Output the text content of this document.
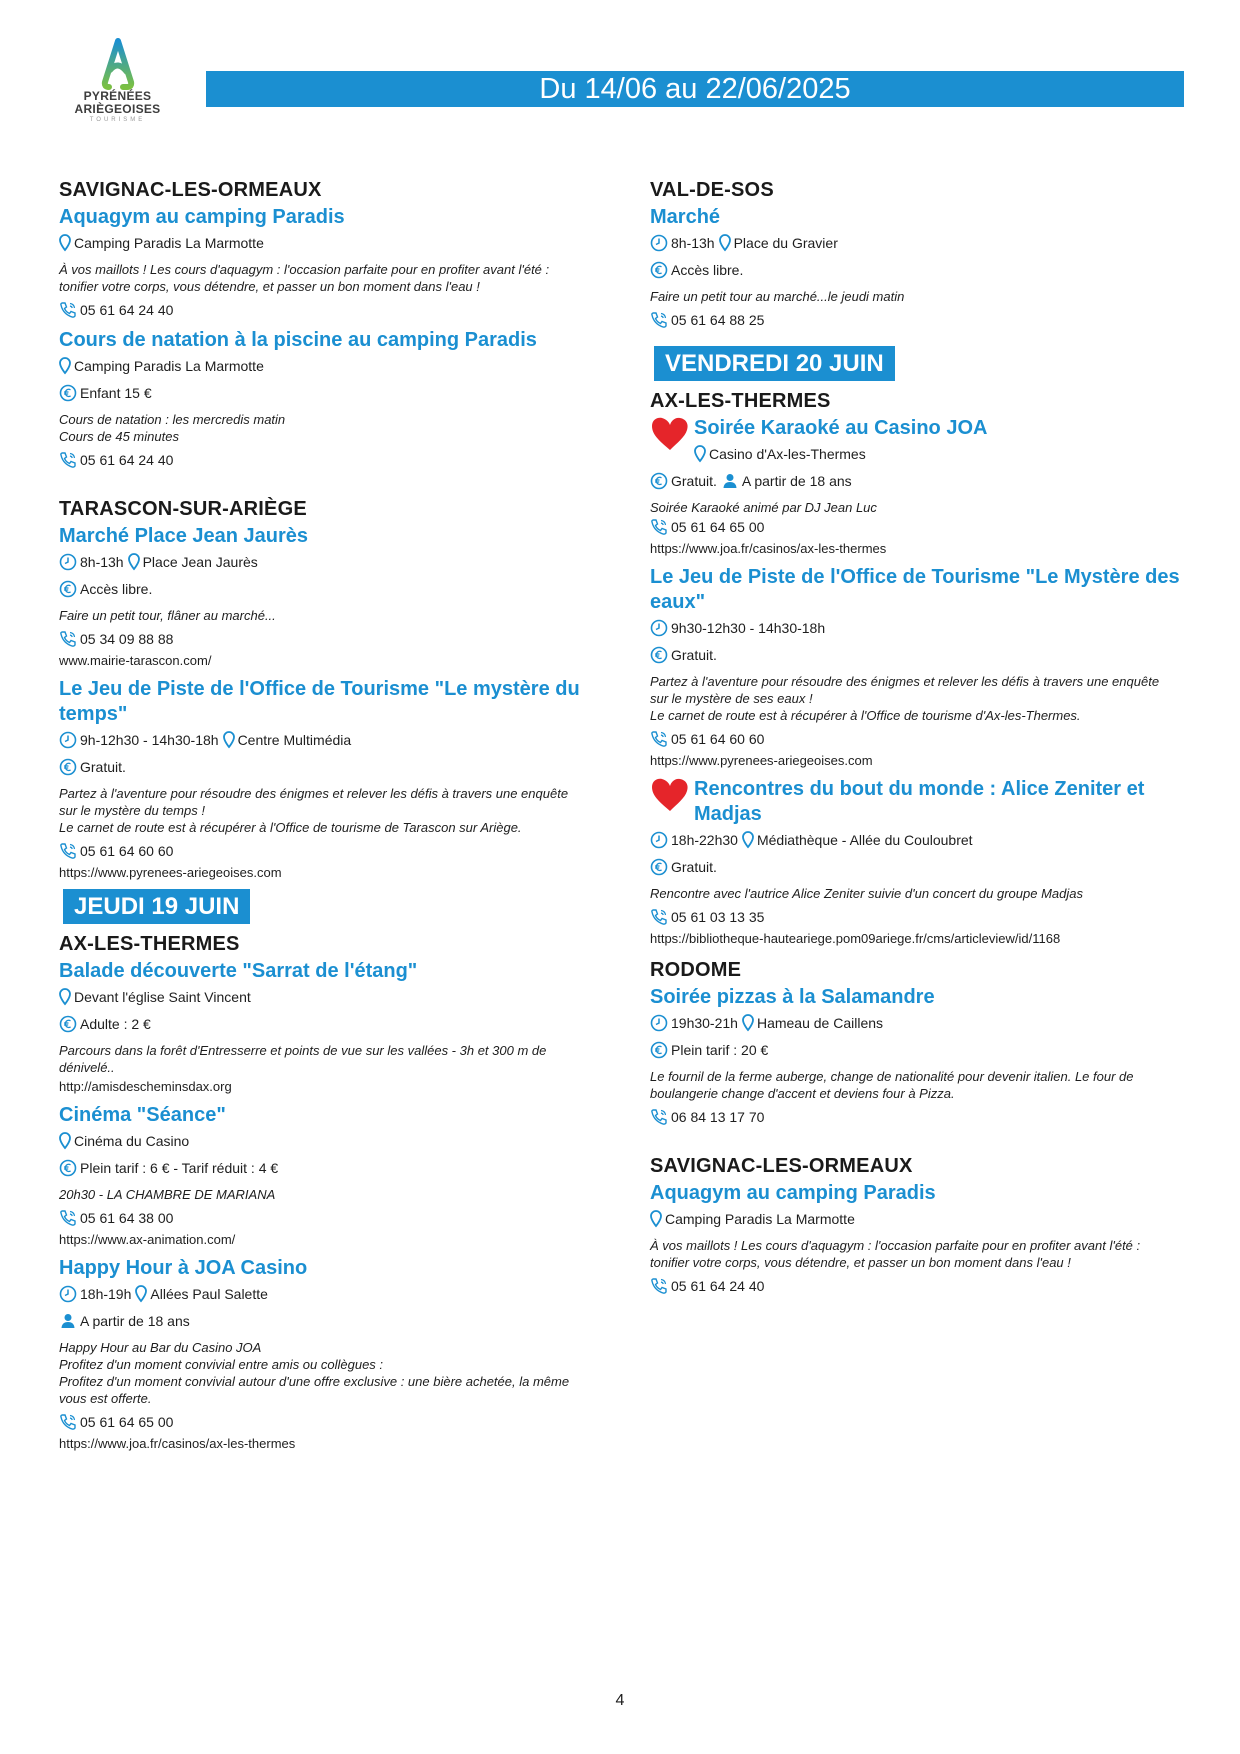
PYRÉNÉES
ARIÈGEOISES
TOURISME
Du 14/06 au 22/06/2025
SAVIGNAC-LES-ORMEAUX
Aquagym au camping Paradis
Camping Paradis La Marmotte
À vos maillots ! Les cours d'aquagym : l'occasion parfaite pour en profiter avant l'été :
tonifier votre corps, vous détendre, et passer un bon moment dans l'eau !
05 61 64 24 40
Cours de natation à la piscine au camping Paradis
Camping Paradis La Marmotte
Enfant 15 €
Cours de natation : les mercredis matin
Cours de 45 minutes
05 61 64 24 40
TARASCON-SUR-ARIÈGE
Marché Place Jean Jaurès
8h-13h Place Jean Jaurès
Accès libre.
Faire un petit tour, flâner au marché...
05 34 09 88 88
www.mairie-tarascon.com/
Le Jeu de Piste de l'Office de Tourisme "Le mystère du temps"
9h-12h30 - 14h30-18h Centre Multimédia
Gratuit.
Partez à l'aventure pour résoudre des énigmes et relever les défis à travers une enquête
sur le mystère du temps !
Le carnet de route est à récupérer à l'Office de tourisme de Tarascon sur Ariège.
05 61 64 60 60
https://www.pyrenees-ariegeoises.com
JEUDI 19 JUIN
AX-LES-THERMES
Balade découverte "Sarrat de l'étang"
Devant l'église Saint Vincent
Adulte : 2 €
Parcours dans la forêt d'Entresserre et points de vue sur les vallées - 3h et 300 m de
dénivelé..
http://amisdescheminsdax.org
Cinéma "Séance"
Cinéma du Casino
Plein tarif : 6 € - Tarif réduit : 4 €
20h30 - LA CHAMBRE DE MARIANA
05 61 64 38 00
https://www.ax-animation.com/
Happy Hour à JOA Casino
18h-19h Allées Paul Salette
A partir de 18 ans
Happy Hour au Bar du Casino JOA
Profitez d'un moment convivial entre amis ou collègues :
Profitez d'un moment convivial autour d'une offre exclusive : une bière achetée, la même
vous est offerte.
05 61 64 65 00
https://www.joa.fr/casinos/ax-les-thermes
VAL-DE-SOS
Marché
8h-13h Place du Gravier
Accès libre.
Faire un petit tour au marché...le jeudi matin
05 61 64 88 25
VENDREDI 20 JUIN
AX-LES-THERMES
Soirée Karaoké au Casino JOA
Casino d'Ax-les-Thermes
Gratuit. A partir de 18 ans
Soirée Karaoké animé par DJ Jean Luc
05 61 64 65 00
https://www.joa.fr/casinos/ax-les-thermes
Le Jeu de Piste de l'Office de Tourisme "Le Mystère des eaux"
9h30-12h30 - 14h30-18h
Gratuit.
Partez à l'aventure pour résoudre des énigmes et relever les défis à travers une enquête
sur le mystère de ses eaux !
Le carnet de route est à récupérer à l'Office de tourisme d'Ax-les-Thermes.
05 61 64 60 60
https://www.pyrenees-ariegeoises.com
Rencontres du bout du monde : Alice Zeniter et Madjas
18h-22h30 Médiathèque - Allée du Couloubret
Gratuit.
Rencontre avec l'autrice Alice Zeniter suivie d'un concert du groupe Madjas
05 61 03 13 35
https://bibliotheque-hauteariege.pom09ariege.fr/cms/articleview/id/1168
RODOME
Soirée pizzas à la Salamandre
19h30-21h Hameau de Caillens
Plein tarif : 20 €
Le fournil de la ferme auberge, change de nationalité pour devenir italien. Le four de
boulangerie change d'accent et deviens four à Pizza.
06 84 13 17 70
SAVIGNAC-LES-ORMEAUX
Aquagym au camping Paradis
Camping Paradis La Marmotte
À vos maillots ! Les cours d'aquagym : l'occasion parfaite pour en profiter avant l'été :
tonifier votre corps, vous détendre, et passer un bon moment dans l'eau !
05 61 64 24 40
4
